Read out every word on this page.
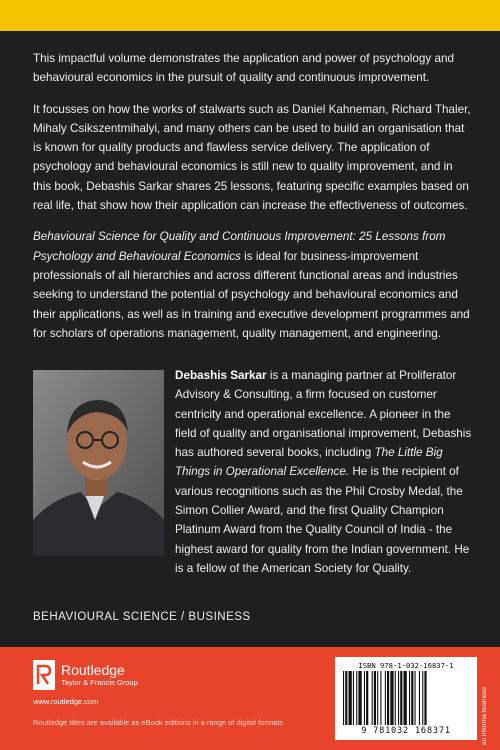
This impactful volume demonstrates the application and power of psychology and behavioural economics in the pursuit of quality and continuous improvement.

It focusses on how the works of stalwarts such as Daniel Kahneman, Richard Thaler, Mihaly Csikszentmihalyi, and many others can be used to build an organisation that is known for quality products and flawless service delivery. The application of psychology and behavioural economics is still new to quality improvement, and in this book, Debashis Sarkar shares 25 lessons, featuring specific examples based on real life, that show how their application can increase the effectiveness of outcomes.

Behavioural Science for Quality and Continuous Improvement: 25 Lessons from Psychology and Behavioural Economics is ideal for business-improvement professionals of all hierarchies and across different functional areas and industries seeking to understand the potential of psychology and behavioural economics and their applications, as well as in training and executive development programmes and for scholars of operations management, quality management, and engineering.

Debashis Sarkar is a managing partner at Proliferator Advisory & Consulting, a firm focused on customer centricity and operational excellence. A pioneer in the field of quality and organisational improvement, Debashis has authored several books, including The Little Big Things in Operational Excellence. He is the recipient of various recognitions such as the Phil Crosby Medal, the Simon Collier Award, and the first Quality Champion Platinum Award from the Quality Council of India - the highest award for quality from the Indian government. He is a fellow of the American Society for Quality.

BEHAVIOURAL SCIENCE / BUSINESS
Routledge
Taylor & Francis Group
www.routledge.com
Routledge titles are available as eBook editions in a range of digital formats
ISBN 978-1-032-16837-1
9 781032 168371	an informa business
